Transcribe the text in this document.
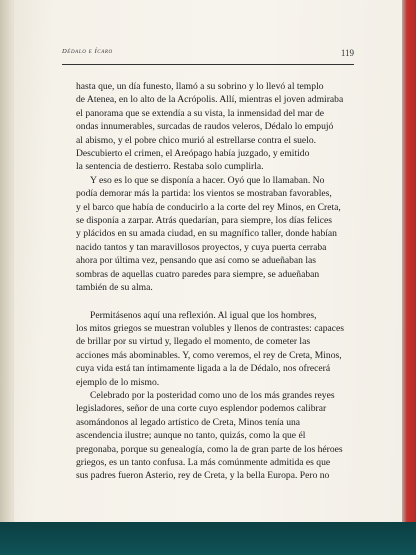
Dédalo e Ícaro	119

hasta que, un día funesto, llamó a su sobrino y lo llevó al templo
de Atenea, en lo alto de la Acrópolis. Allí, mientras el joven admiraba
el panorama que se extendía a su vista, la inmensidad del mar de
ondas innumerables, surcadas de raudos veleros, Dédalo lo empujó
al abismo, y el pobre chico murió al estrellarse contra el suelo.
Descubierto el crimen, el Areópago había juzgado, y emitido
la sentencia de destierro. Restaba solo cumplirla.

Y eso es lo que se disponía a hacer. Oyó que lo llamaban. No
podía demorar más la partida: los vientos se mostraban favorables,
y el barco que había de conducirlo a la corte del rey Minos, en Creta,
se disponía a zarpar. Atrás quedarían, para siempre, los días felices
y plácidos en su amada ciudad, en su magnífico taller, donde habían
nacido tantos y tan maravillosos proyectos, y cuya puerta cerraba
ahora por última vez, pensando que así como se adueñaban las
sombras de aquellas cuatro paredes para siempre, se adueñaban
también de su alma.

Permitásenos aquí una reflexión. Al igual que los hombres,
los mitos griegos se muestran volubles y llenos de contrastes: capaces
de brillar por su virtud y, llegado el momento, de cometer las
acciones más abominables. Y, como veremos, el rey de Creta, Minos,
cuya vida está tan íntimamente ligada a la de Dédalo, nos ofrecerá
ejemplo de lo mismo.

Celebrado por la posteridad como uno de los más grandes reyes
legisladores, señor de una corte cuyo esplendor podemos calibrar
asomándonos al legado artístico de Creta, Minos tenía una
ascendencia ilustre; aunque no tanto, quizás, como la que él
pregonaba, porque su genealogía, como la de gran parte de los héroes
griegos, es un tanto confusa. La más comúnmente admitida es que
sus padres fueron Asterio, rey de Creta, y la bella Europa. Pero no
